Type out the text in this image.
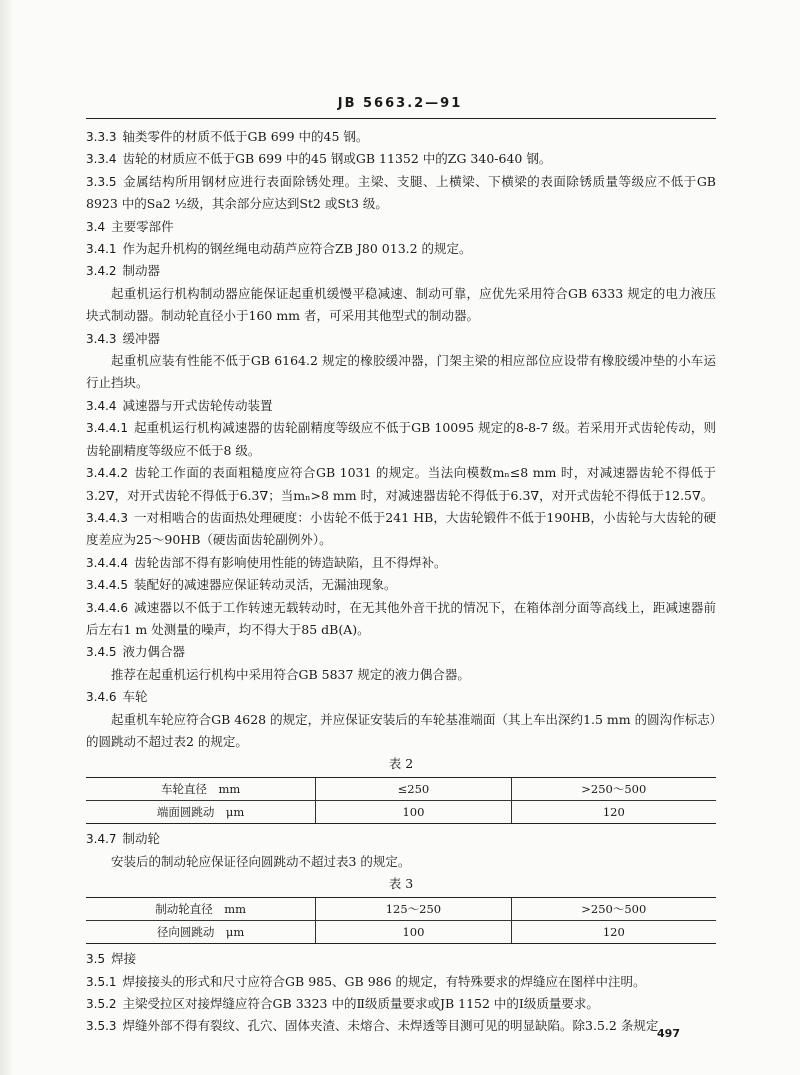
JB 5663.2—91

3.3.3 轴类零件的材质不低于GB 699 中的45 钢。

3.3.4 齿轮的材质应不低于GB 699 中的45 钢或GB 11352 中的ZG 340-640 钢。

3.3.5 金属结构所用钢材应进行表面除锈处理。主梁、支腿、上横梁、下横梁的表面除锈质量等级应不低于GB 8923 中的Sa2 ½级，其余部分应达到St2 或St3 级。

3.4 主要零部件

3.4.1 作为起升机构的钢丝绳电动葫芦应符合ZB J80 013.2 的规定。

3.4.2 制动器

起重机运行机构制动器应能保证起重机缓慢平稳减速、制动可靠，应优先采用符合GB 6333 规定的电力液压块式制动器。制动轮直径小于160 mm 者，可采用其他型式的制动器。

3.4.3 缓冲器

起重机应装有性能不低于GB 6164.2 规定的橡胶缓冲器，门架主梁的相应部位应设带有橡胶缓冲垫的小车运行止挡块。

3.4.4 减速器与开式齿轮传动装置

3.4.4.1 起重机运行机构减速器的齿轮副精度等级应不低于GB 10095 规定的8-8-7 级。若采用开式齿轮传动，则齿轮副精度等级应不低于8 级。

3.4.4.2 齿轮工作面的表面粗糙度应符合GB 1031 的规定。当法向模数mₙ≤8 mm 时，对减速器齿轮不得低于3.2∇，对开式齿轮不得低于6.3∇；当mₙ>8 mm 时，对减速器齿轮不得低于6.3∇，对开式齿轮不得低于12.5∇。

3.4.4.3 一对相啮合的齿面热处理硬度：小齿轮不低于241 HB，大齿轮锻件不低于190HB，小齿轮与大齿轮的硬度差应为25～90HB（硬齿面齿轮副例外）。

3.4.4.4 齿轮齿部不得有影响使用性能的铸造缺陷，且不得焊补。

3.4.4.5 装配好的减速器应保证转动灵活，无漏油现象。

3.4.4.6 减速器以不低于工作转速无载转动时，在无其他外音干扰的情况下，在箱体剖分面等高线上，距减速器前后左右1 m 处测量的噪声，均不得大于85 dB(A)。

3.4.5 液力偶合器

推荐在起重机运行机构中采用符合GB 5837 规定的液力偶合器。

3.4.6 车轮

起重机车轮应符合GB 4628 的规定，并应保证安装后的车轮基准端面（其上车出深约1.5 mm 的圆沟作标志）的圆跳动不超过表2 的规定。

表 2

车轮直径　mm	≤250	>250～500
端面圆跳动　μm	100	120

3.4.7 制动轮

安装后的制动轮应保证径向圆跳动不超过表3 的规定。

表 3

制动轮直径　mm	125～250	>250～500
径向圆跳动　μm	100	120

3.5 焊接

3.5.1 焊接接头的形式和尺寸应符合GB 985、GB 986 的规定，有特殊要求的焊缝应在图样中注明。

3.5.2 主梁受拉区对接焊缝应符合GB 3323 中的Ⅱ级质量要求或JB 1152 中的Ⅰ级质量要求。

3.5.3 焊缝外部不得有裂纹、孔穴、固体夹渣、未熔合、未焊透等目测可见的明显缺陷。除3.5.2 条规定

497
